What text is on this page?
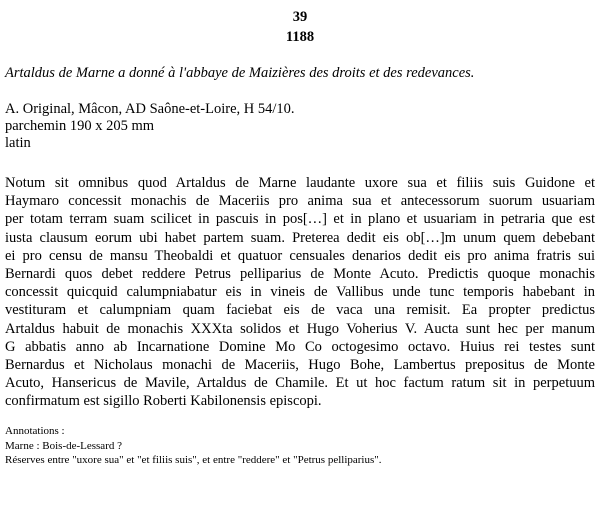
39
1188
Artaldus de Marne a donné à l'abbaye de Maizières des droits et des redevances.
A. Original, Mâcon, AD Saône-et-Loire, H 54/10.
parchemin 190 x 205 mm
latin
Notum sit omnibus quod Artaldus de Marne laudante uxore sua et filiis suis Guidone et
Haymaro concessit monachis de Maceriis pro anima sua et antecessorum suorum usuariam
per totam terram suam scilicet in pascuis in pos[…] et in plano et usuariam in petraria que est
iusta clausum eorum ubi habet partem suam. Preterea dedit eis ob[…]m unum quem debebant
ei pro censu de mansu Theobaldi et quatuor censuales denarios dedit eis pro anima fratris sui
Bernardi quos debet reddere Petrus pelliparius de Monte Acuto. Predictis quoque monachis
concessit quicquid calumpniabatur eis in vineis de Vallibus unde tunc temporis habebant in
vestituram et calumpniam quam faciebat eis de vaca una remisit. Ea propter predictus
Artaldus habuit de monachis XXXta solidos et Hugo Voherius V. Aucta sunt hec per manum
G abbatis anno ab Incarnatione Domine Mo Co octogesimo octavo. Huius rei testes sunt
Bernardus et Nicholaus monachi de Maceriis, Hugo Bohe, Lambertus prepositus de Monte
Acuto, Hansericus de Mavile, Artaldus de Chamile. Et ut hoc factum ratum sit in perpetuum
confirmatum est sigillo Roberti Kabilonensis episcopi.
Annotations :
Marne : Bois-de-Lessard ?
Réserves entre "uxore sua" et "et filiis suis", et entre "reddere" et "Petrus pelliparius".
